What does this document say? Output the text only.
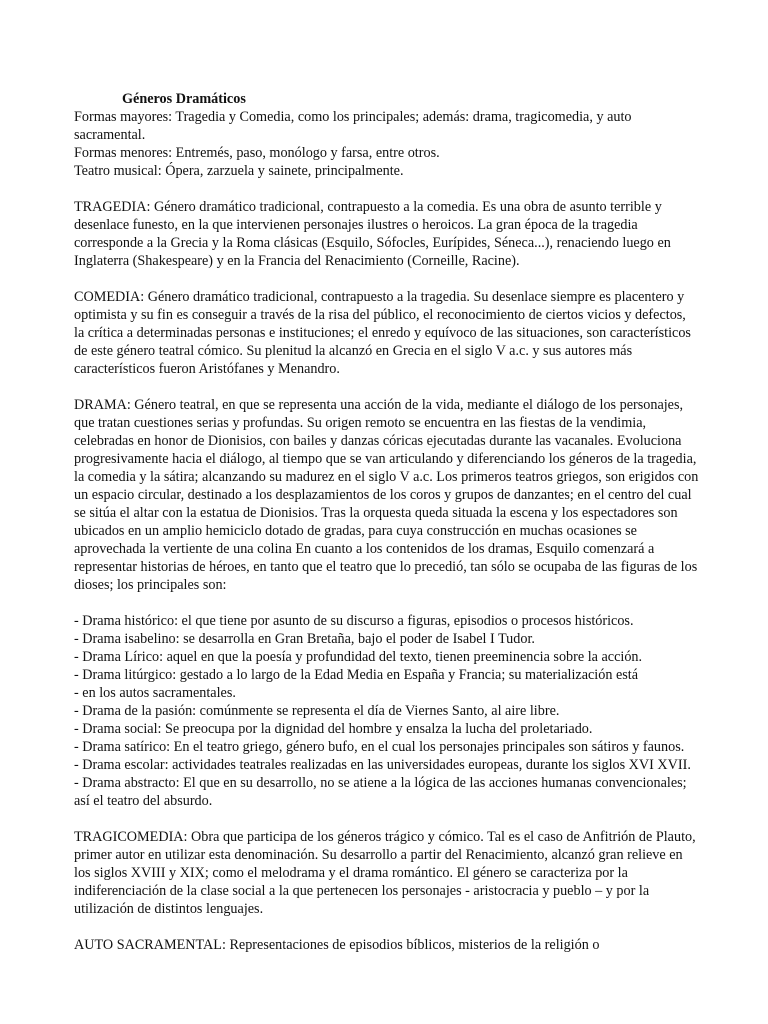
Géneros Dramáticos

Formas mayores: Tragedia y Comedia, como los principales; además: drama, tragicomedia, y auto sacramental.

Formas menores: Entremés, paso, monólogo y farsa, entre otros.

Teatro musical: Ópera, zarzuela y sainete, principalmente.

TRAGEDIA: Género dramático tradicional, contrapuesto a la comedia. Es una obra de asunto terrible y desenlace funesto, en la que intervienen personajes ilustres o heroicos. La gran época de la tragedia corresponde a la Grecia y la Roma clásicas (Esquilo, Sófocles, Eurípides, Séneca...), renaciendo luego en Inglaterra (Shakespeare) y en la Francia del Renacimiento (Corneille, Racine).

COMEDIA: Género dramático tradicional, contrapuesto a la tragedia. Su desenlace siempre es placentero y optimista y su fin es conseguir a través de la risa del público, el reconocimiento de ciertos vicios y defectos, la crítica a determinadas personas e instituciones; el enredo y equívoco de las situaciones, son característicos de este género teatral cómico. Su plenitud la alcanzó en Grecia en el siglo V a.c. y sus autores más característicos fueron Aristófanes y Menandro.

DRAMA: Género teatral, en que se representa una acción de la vida, mediante el diálogo de los personajes, que tratan cuestiones serias y profundas. Su origen remoto se encuentra en las fiestas de la vendimia, celebradas en honor de Dionisios, con bailes y danzas córicas ejecutadas durante las vacanales. Evoluciona progresivamente hacia el diálogo, al tiempo que se van articulando y diferenciando los géneros de la tragedia, la comedia y la sátira; alcanzando su madurez en el siglo V a.c. Los primeros teatros griegos, son erigidos con un espacio circular, destinado a los desplazamientos de los coros y grupos de danzantes; en el centro del cual se sitúa el altar con la estatua de Dionisios. Tras la orquesta queda situada la escena y los espectadores son ubicados en un amplio hemiciclo dotado de gradas, para cuya construcción en muchas ocasiones se aprovechada la vertiente de una colina En cuanto a los contenidos de los dramas, Esquilo comenzará a representar historias de héroes, en tanto que el teatro que lo precedió, tan sólo se ocupaba de las figuras de los dioses; los principales son:

- Drama histórico: el que tiene por asunto de su discurso a figuras, episodios o procesos históricos.
- Drama isabelino: se desarrolla en Gran Bretaña, bajo el poder de Isabel I Tudor.
- Drama Lírico: aquel en que la poesía y profundidad del texto, tienen preeminencia sobre la acción.
- Drama litúrgico: gestado a lo largo de la Edad Media en España y Francia; su materialización está
- en los autos sacramentales.
- Drama de la pasión: comúnmente se representa el día de Viernes Santo, al aire libre.
- Drama social: Se preocupa por la dignidad del hombre y ensalza la lucha del proletariado.
- Drama satírico: En el teatro griego, género bufo, en el cual los personajes principales son sátiros y faunos.
- Drama escolar: actividades teatrales realizadas en las universidades europeas, durante los siglos XVI XVII.
- Drama abstracto: El que en su desarrollo, no se atiene a la lógica de las acciones humanas convencionales; así el teatro del absurdo.

TRAGICOMEDIA: Obra que participa de los géneros trágico y cómico. Tal es el caso de Anfitrión de Plauto, primer autor en utilizar esta denominación. Su desarrollo a partir del Renacimiento, alcanzó gran relieve en los siglos XVIII y XIX; como el melodrama y el drama romántico. El género se caracteriza por la indiferenciación de la clase social a la que pertenecen los personajes - aristocracia y pueblo – y por la utilización de distintos lenguajes.

AUTO SACRAMENTAL: Representaciones de episodios bíblicos, misterios de la religión o
